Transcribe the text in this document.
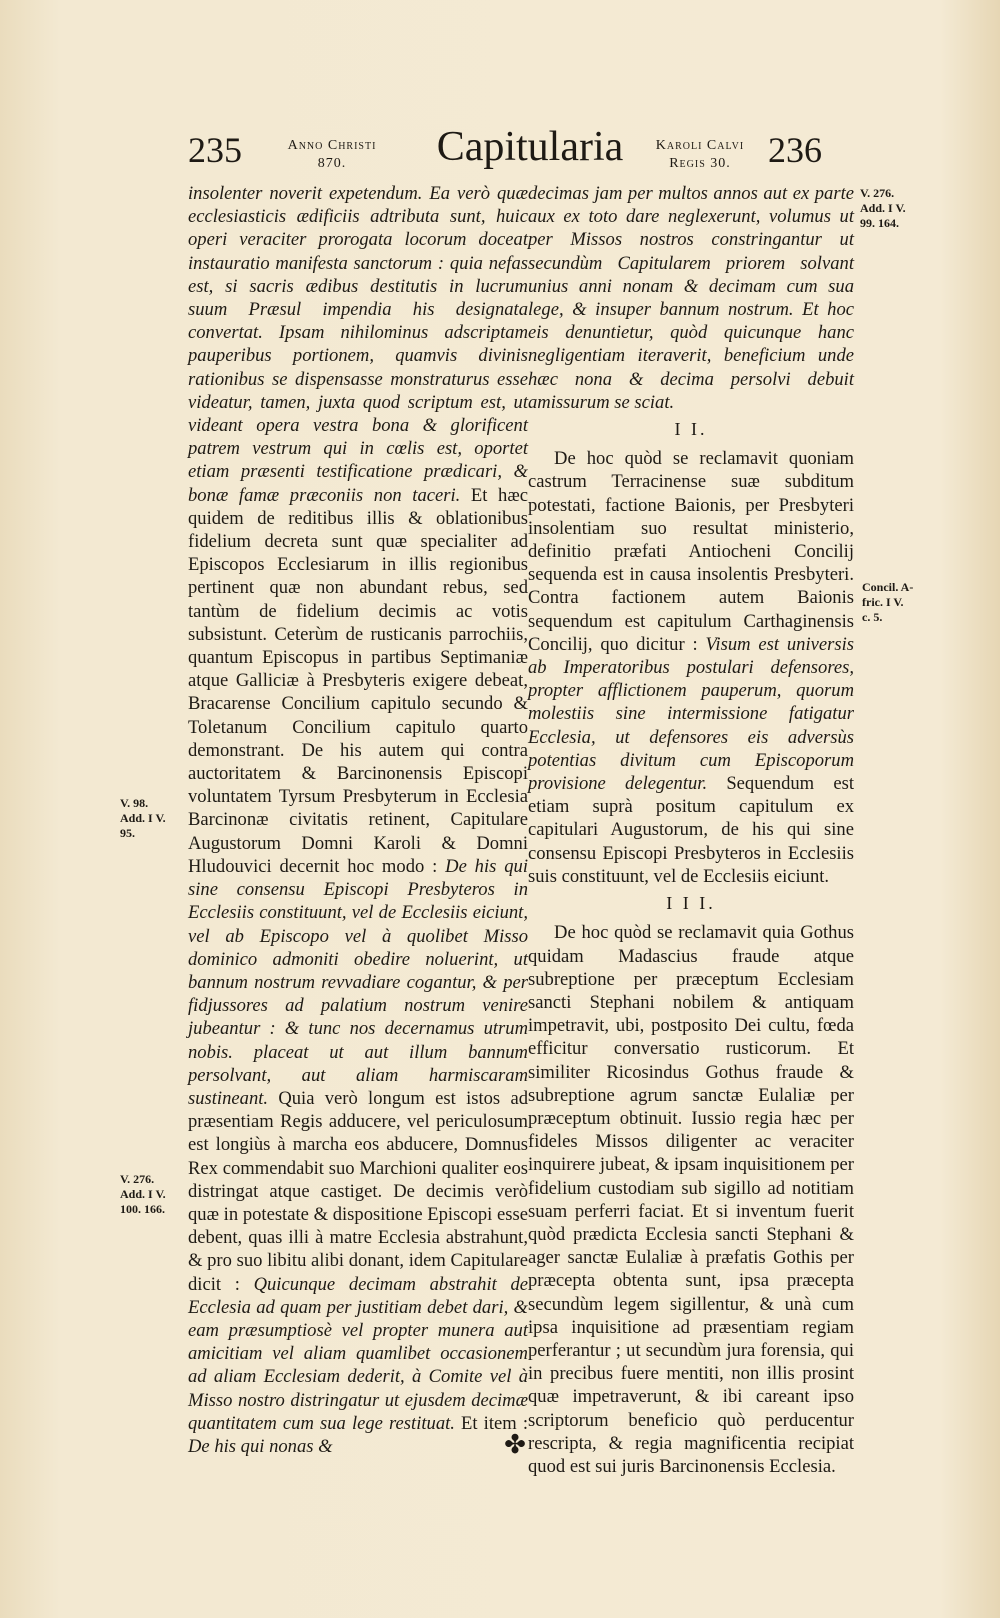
235	Anno Christi
870.	Capitularia	Karoli Calvi
Regis 30.	236

insolenter noverit expetendum. Ea verò quæ ecclesiasticis ædificiis adtributa sunt, huic operi veraciter prorogata locorum doceat instauratio manifesta sanctorum : quia nefas est, si sacris ædibus destitutis in lucrum suum Præsul impendia his designata convertat. Ipsam nihilominus adscriptam pauperibus portionem, quamvis divinis rationibus se dispensasse monstraturus esse videatur, tamen, juxta quod scriptum est, ut videant opera vestra bona & glorificent patrem vestrum qui in cœlis est, oportet etiam præsenti testificatione prædicari, & bonæ famæ præconiis non taceri. Et hæc quidem de reditibus illis & oblationibus fidelium decreta sunt quæ specialiter ad Episcopos Ecclesiarum in illis regionibus pertinent quæ non abundant rebus, sed tantùm de fidelium decimis ac votis subsistunt. Ceterùm de rusticanis parrochiis, quantum Episcopus in partibus Septimaniæ atque Galliciæ à Presbyteris exigere debeat, Bracarense Concilium capitulo secundo & Toletanum Concilium capitulo quarto demonstrant. De his autem qui contra auctoritatem & Barcinonensis Episcopi voluntatem Tyrsum Presbyterum in Ecclesia Barcinonæ civitatis retinent, Capitulare Augustorum Domni Karoli & Domni Hludouvici decernit hoc modo : De his qui sine consensu Episcopi Presbyteros in Ecclesiis constituunt, vel de Ecclesiis eiciunt, vel ab Episcopo vel à quolibet Misso dominico admoniti obedire noluerint, ut bannum nostrum revvadiare cogantur, & per fidjussores ad palatium nostrum venire jubeantur : & tunc nos decernamus utrum nobis. placeat ut aut illum bannum persolvant, aut aliam harmiscaram sustineant. Quia verò longum est istos ad præsentiam Regis adducere, vel periculosum est longiùs à marcha eos abducere, Domnus Rex commendabit suo Marchioni qualiter eos distringat atque castiget. De decimis verò quæ in potestate & dispositione Episcopi esse debent, quas illi à matre Ecclesia abstrahunt, & pro suo libitu alibi donant, idem Capitulare dicit : Quicunque decimam abstrahit de Ecclesia ad quam per justitiam debet dari, & eam præsumptiosè vel propter munera aut amicitiam vel aliam quamlibet occasionem ad aliam Ecclesiam dederit, à Comite vel à Misso nostro distringatur ut ejusdem decimæ quantitatem cum sua lege restituat. Et item : De his qui nonas &

decimas jam per multos annos aut ex parte aux ex toto dare neglexerunt, volumus ut per Missos nostros constringantur ut secundùm Capitularem priorem solvant unius anni nonam & decimam cum sua lege, & insuper bannum nostrum. Et hoc eis denuntietur, quòd quicunque hanc negligentiam iteraverit, beneficium unde hæc nona & decima persolvi debuit amissurum se sciat.

I I.

De hoc quòd se reclamavit quoniam castrum Terracinense suæ subditum potestati, factione Baionis, per Presbyteri insolentiam suo resultat ministerio, definitio præfati Antiocheni Concilij sequenda est in causa insolentis Presbyteri. Contra factionem autem Baionis sequendum est capitulum Carthaginensis Concilij, quo dicitur : Visum est universis ab Imperatoribus postulari defensores, propter afflictionem pauperum, quorum molestiis sine intermissione fatigatur Ecclesia, ut defensores eis adversùs potentias divitum cum Episcoporum provisione delegentur. Sequendum est etiam suprà positum capitulum ex capitulari Augustorum, de his qui sine consensu Episcopi Presbyteros in Ecclesiis suis constituunt, vel de Ecclesiis eiciunt.

I I I.

De hoc quòd se reclamavit quia Gothus quidam Madascius fraude atque subreptione per præceptum Ecclesiam sancti Stephani nobilem & antiquam impetravit, ubi, postposito Dei cultu, fœda efficitur conversatio rusticorum. Et similiter Ricosindus Gothus fraude & subreptione agrum sanctæ Eulaliæ per præceptum obtinuit. Iussio regia hæc per fideles Missos diligenter ac veraciter inquirere jubeat, & ipsam inquisitionem per fidelium custodiam sub sigillo ad notitiam suam perferri faciat. Et si inventum fuerit quòd prædicta Ecclesia sancti Stephani & ager sanctæ Eulaliæ à præfatis Gothis per præcepta obtenta sunt, ipsa præcepta secundùm legem sigillentur, & unà cum ipsa inquisitione ad præsentiam regiam perferantur ; ut secundùm jura forensia, qui in precibus fuere mentiti, non illis prosint quæ impetraverunt, & ibi careant ipso scriptorum beneficio quò perducentur rescripta, & regia magnificentia recipiat quod est sui juris Barcinonensis Ecclesia.

V. 276.
Add. I V.
99. 164.
Concil. A-
fric. I V.
c. 5.
V. 98.
Add. I V.
95.
V. 276.
Add. I V.
100. 166.
✤
